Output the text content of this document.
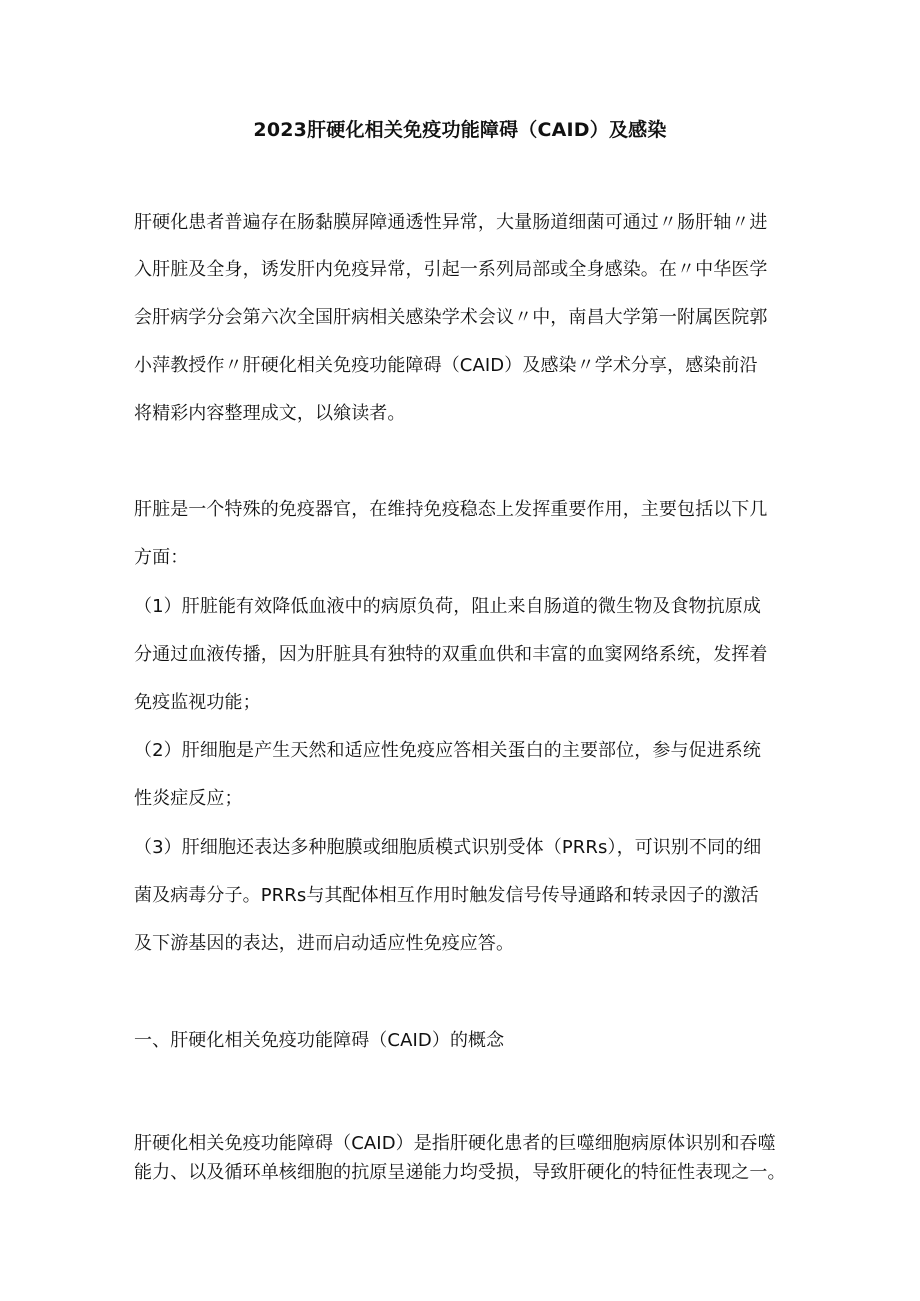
2023肝硬化相关免疫功能障碍（CAID）及感染
肝硬化患者普遍存在肠黏膜屏障通透性异常，大量肠道细菌可通过〃肠肝轴〃进
入肝脏及全身，诱发肝内免疫异常，引起一系列局部或全身感染。在〃中华医学
会肝病学分会第六次全国肝病相关感染学术会议〃中，南昌大学第一附属医院郭
小萍教授作〃肝硬化相关免疫功能障碍（CAID）及感染〃学术分享，感染前沿
将精彩内容整理成文，以飨读者。
肝脏是一个特殊的免疫器官，在维持免疫稳态上发挥重要作用，主要包括以下几
方面：
（1）肝脏能有效降低血液中的病原负荷，阻止来自肠道的微生物及食物抗原成
分通过血液传播，因为肝脏具有独特的双重血供和丰富的血窦网络系统，发挥着
免疫监视功能；
（2）肝细胞是产生天然和适应性免疫应答相关蛋白的主要部位，参与促进系统
性炎症反应；
（3）肝细胞还表达多种胞膜或细胞质模式识别受体（PRRs），可识别不同的细
菌及病毒分子。PRRs与其配体相互作用时触发信号传导通路和转录因子的激活
及下游基因的表达，进而启动适应性免疫应答。
一、肝硬化相关免疫功能障碍（CAID）的概念
肝硬化相关免疫功能障碍（CAID）是指肝硬化患者的巨噬细胞病原体识别和吞噬
能力、以及循环单核细胞的抗原呈递能力均受损，导致肝硬化的特征性表现之一。
